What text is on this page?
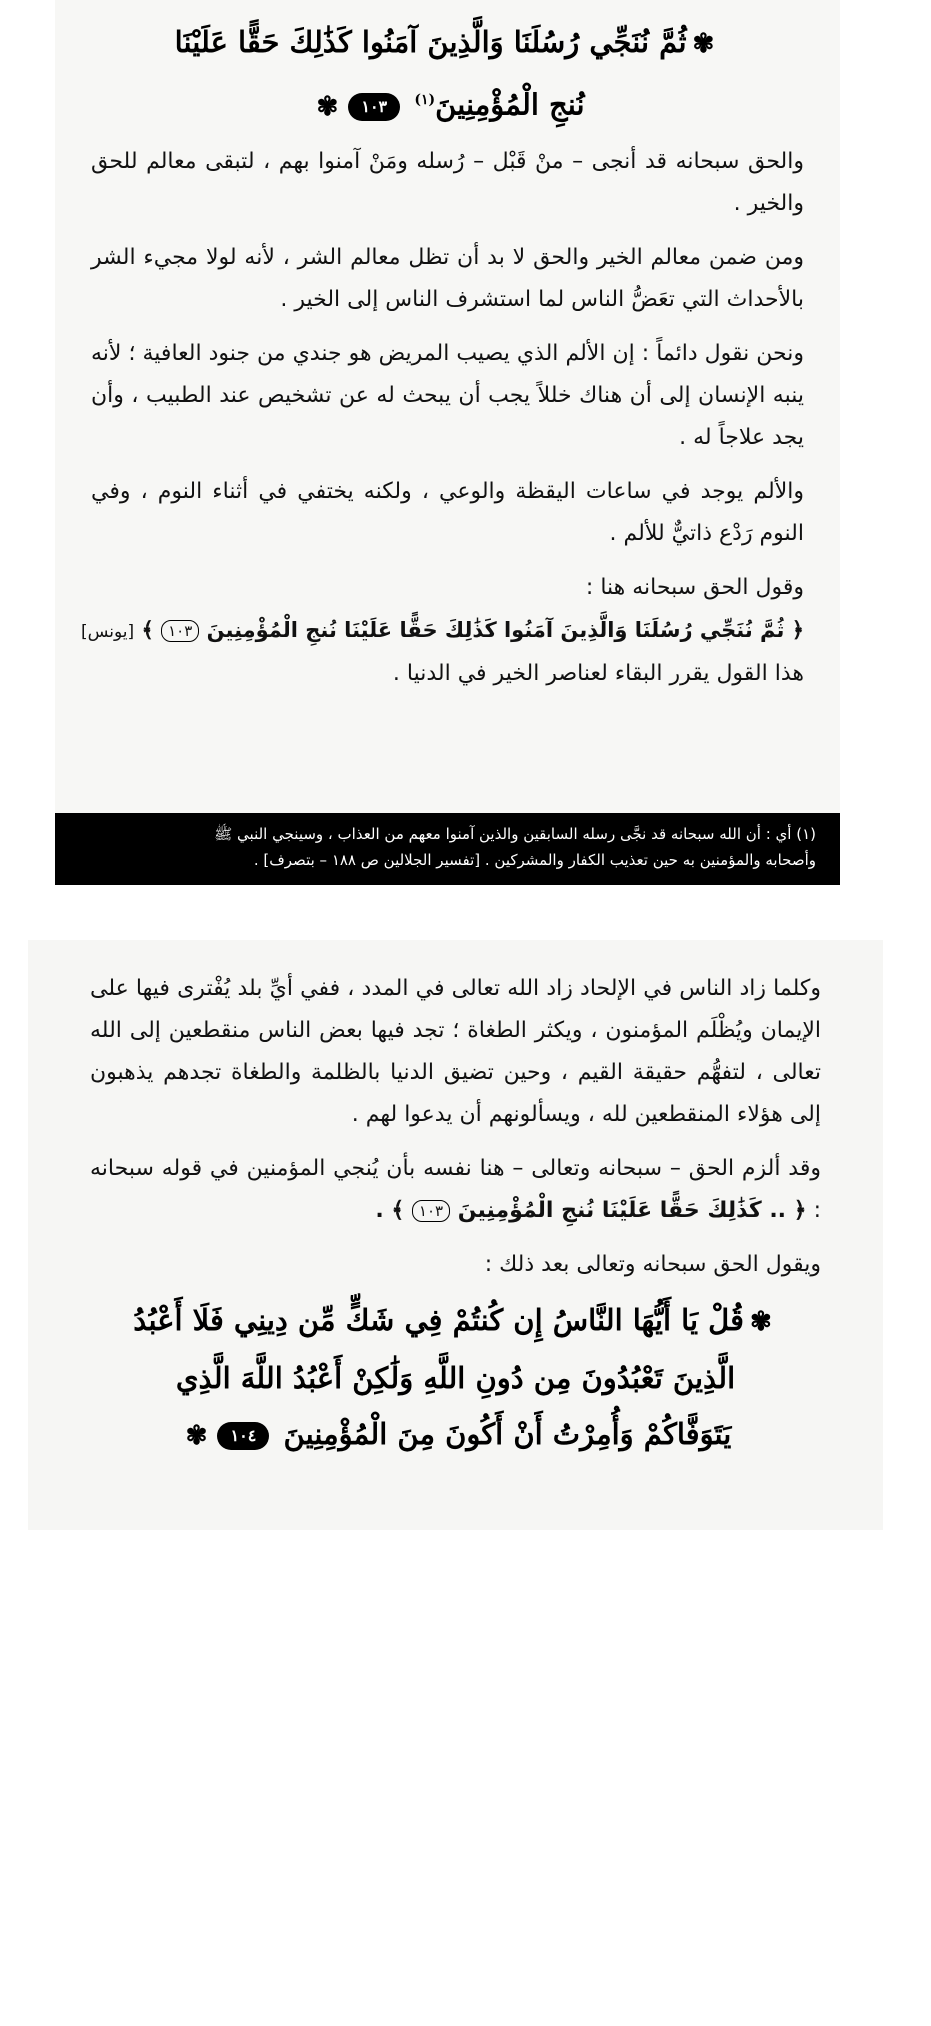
✾ثُمَّ نُنَجِّي رُسُلَنَا وَالَّذِينَ آمَنُوا كَذَٰلِكَ حَقًّا عَلَيْنَا
نُنجِ الْمُؤْمِنِينَ$^{(١)}$ ١٠٣✾

والحق سبحانه قد أنجى – منْ قَبْل – رُسله ومَنْ آمنوا بهم ، لتبقى معالم للحق والخير .

ومن ضمن معالم الخير والحق لا بد أن تظل معالم الشر ، لأنه لولا مجيء الشر بالأحداث التي تعَضُّ الناس لما استشرف الناس إلى الخير .

ونحن نقول دائماً : إن الألم الذي يصيب المريض هو جندي من جنود العافية ؛ لأنه ينبه الإنسان إلى أن هناك خللاً يجب أن يبحث له عن تشخيص عند الطبيب ، وأن يجد علاجاً له .

والألم يوجد في ساعات اليقظة والوعي ، ولكنه يختفي في أثناء النوم ، وفي النوم رَدْع ذاتيٌّ للألم .

وقول الحق سبحانه هنا :

﴿ ثُمَّ نُنَجِّي رُسُلَنَا وَالَّذِينَ آمَنُوا كَذَٰلِكَ حَقًّا عَلَيْنَا نُنجِ الْمُؤْمِنِينَ ١٠٣ ﴾ [يونس]

هذا القول يقرر البقاء لعناصر الخير في الدنيا .

(١) أي : أن الله سبحانه قد نجَّى رسله السابقين والذين آمنوا معهم من العذاب ، وسينجي النبي ﷺ
وأصحابه والمؤمنين به حين تعذيب الكفار والمشركين . [تفسير الجلالين ص ١٨٨ – بتصرف] .

وكلما زاد الناس في الإلحاد زاد الله تعالى في المدد ، ففي أيِّ بلد يُفْترى فيها على الإيمان ويُظْلَم المؤمنون ، ويكثر الطغاة ؛ تجد فيها بعض الناس منقطعين إلى الله تعالى ، لتفهُّم حقيقة القيم ، وحين تضيق الدنيا بالظلمة والطغاة تجدهم يذهبون إلى هؤلاء المنقطعين لله ، ويسألونهم أن يدعوا لهم .

وقد ألزم الحق – سبحانه وتعالى – هنا نفسه بأن يُنجي المؤمنين في قوله سبحانه : ﴿ .. كَذَٰلِكَ حَقًّا عَلَيْنَا نُنجِ الْمُؤْمِنِينَ ١٠٣ ﴾ .

ويقول الحق سبحانه وتعالى بعد ذلك :

✾قُلْ يَا أَيُّهَا النَّاسُ إِن كُنتُمْ فِي شَكٍّ مِّن دِينِي فَلَا أَعْبُدُ
الَّذِينَ تَعْبُدُونَ مِن دُونِ اللَّهِ وَلَٰكِنْ أَعْبُدُ اللَّهَ الَّذِي
يَتَوَفَّاكُمْ وَأُمِرْتُ أَنْ أَكُونَ مِنَ الْمُؤْمِنِينَ ١٠٤✾
